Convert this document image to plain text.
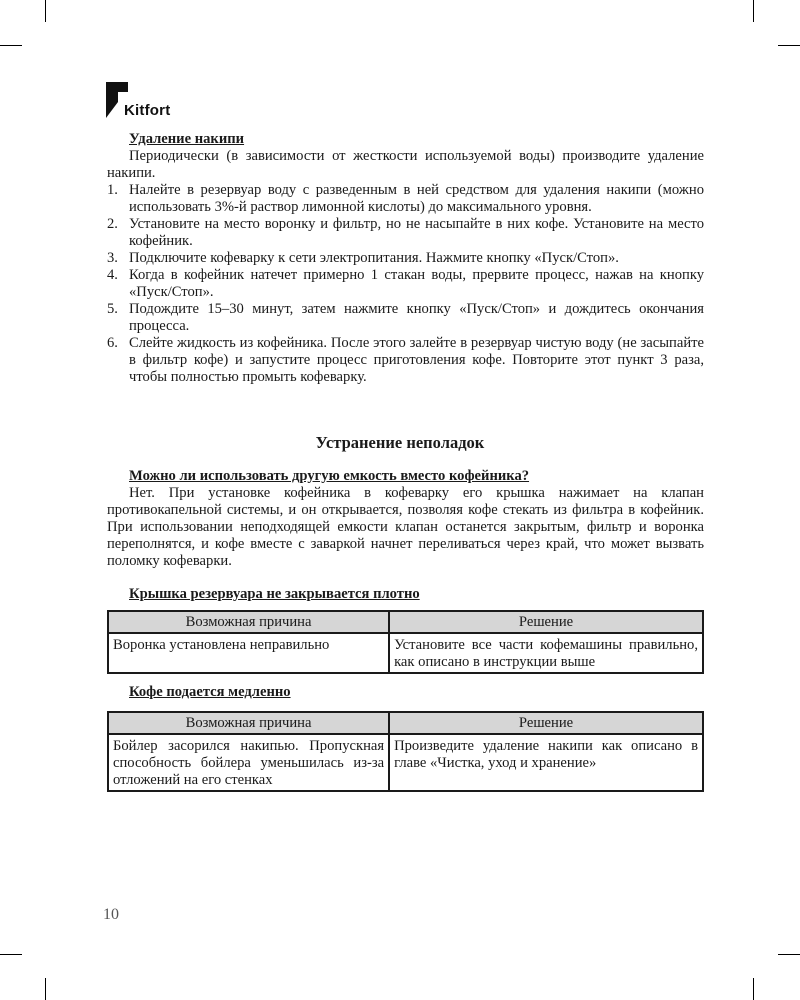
Kitfort
Удаление накипи
Периодически (в зависимости от жесткости используемой воды) производите удаление накипи.
1. Налейте в резервуар воду с разведенным в ней средством для удаления накипи (можно использовать 3%-й раствор лимонной кислоты) до максимального уровня.
2. Установите на место воронку и фильтр, но не насыпайте в них кофе. Установите на место кофейник.
3. Подключите кофеварку к сети электропитания. Нажмите кнопку «Пуск/Стоп».
4. Когда в кофейник натечет примерно 1 стакан воды, прервите процесс, нажав на кнопку «Пуск/Стоп».
5. Подождите 15–30 минут, затем нажмите кнопку «Пуск/Стоп» и дождитесь окончания процесса.
6. Слейте жидкость из кофейника. После этого залейте в резервуар чистую воду (не засыпайте в фильтр кофе) и запустите процесс приготовления кофе. Повторите этот пункт 3 раза, чтобы полностью промыть кофеварку.
Устранение неполадок
Можно ли использовать другую емкость вместо кофейника?
Нет. При установке кофейника в кофеварку его крышка нажимает на клапан противокапельной системы, и он открывается, позволяя кофе стекать из фильтра в кофейник. При использовании неподходящей емкости клапан останется закрытым, фильтр и воронка переполнятся, и кофе вместе с заваркой начнет переливаться через край, что может вызвать поломку кофеварки.
Крышка резервуара не закрывается плотно
Возможная причина	Решение
Воронка установлена неправильно	Установите все части кофемашины правильно, как описано в инструкции выше
Кофе подается медленно
Возможная причина	Решение
Бойлер засорился накипью. Пропускная способность бойлера уменьшилась из-за отложений на его стенках	Произведите удаление накипи как описано в главе «Чистка, уход и хранение»
10
